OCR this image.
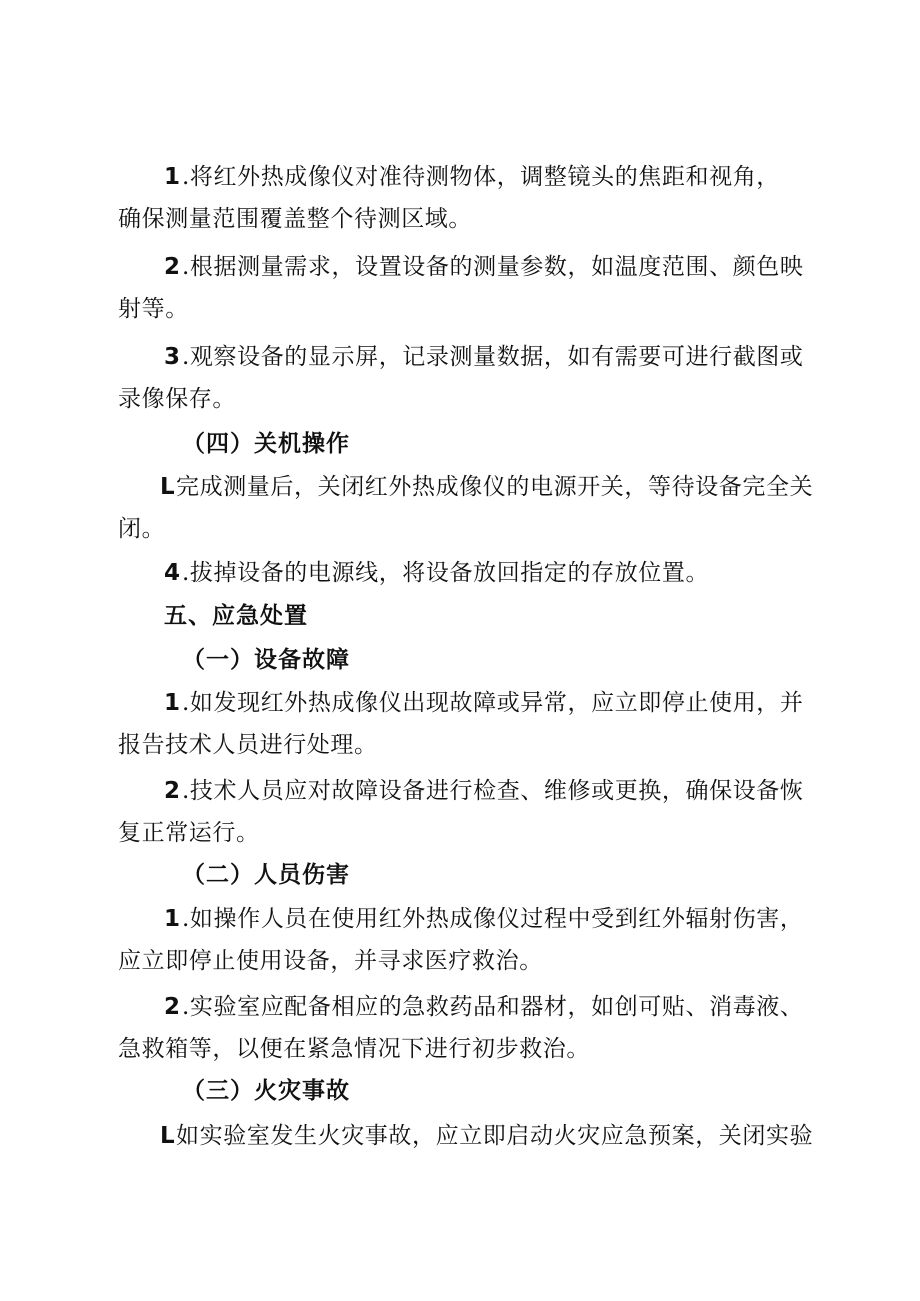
1 .将红外热成像仪对准待测物体，调整镜头的焦距和视角，
确保测量范围覆盖整个待测区域。
2 .根据测量需求，设置设备的测量参数，如温度范围、颜色映
射等。
3 .观察设备的显示屏，记录测量数据，如有需要可进行截图或
录像保存。
（四）关机操作
L 完成测量后，关闭红外热成像仪的电源开关，等待设备完全关
闭。
4 .拔掉设备的电源线，将设备放回指定的存放位置。
五、应急处置
（一）设备故障
1 .如发现红外热成像仪出现故障或异常，应立即停止使用，并
报告技术人员进行处理。
2 .技术人员应对故障设备进行检查、维修或更换，确保设备恢
复正常运行。
（二）人员伤害
1 .如操作人员在使用红外热成像仪过程中受到红外辐射伤害，
应立即停止使用设备，并寻求医疗救治。
2 .实验室应配备相应的急救药品和器材，如创可贴、消毒液、
急救箱等，以便在紧急情况下进行初步救治。
（三）火灾事故
L 如实验室发生火灾事故，应立即启动火灾应急预案，关闭实验
